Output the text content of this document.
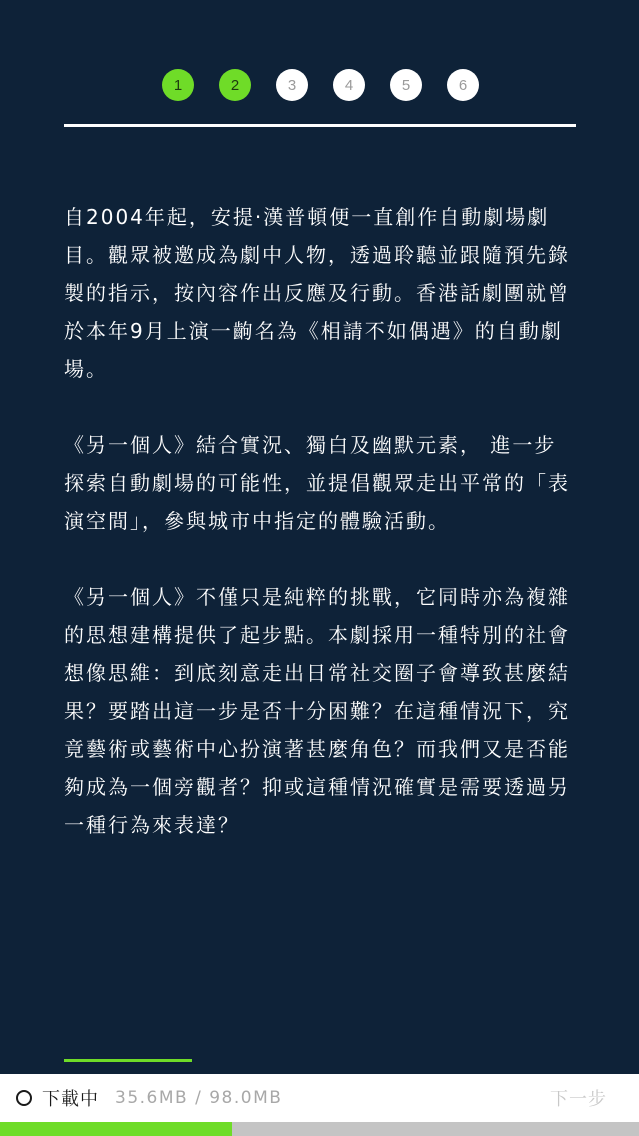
1	2	3	4	5	6

自2004年起，安提·漢普頓便一直創作自動劇場劇目。觀眾被邀成為劇中人物，透過聆聽並跟隨預先錄製的指示，按內容作出反應及行動。香港話劇團就曾於本年9月上演一齣名為《相請不如偶遇》的自動劇場。

《另一個人》結合實況、獨白及幽默元素， 進一步探索自動劇場的可能性，並提倡觀眾走出平常的「表演空間」，參與城市中指定的體驗活動。

《另一個人》不僅只是純粹的挑戰，它同時亦為複雜的思想建構提供了起步點。本劇採用一種特別的社會想像思維：到底刻意走出日常社交圈子會導致甚麼結果？要踏出這一步是否十分困難？在這種情況下，究竟藝術或藝術中心扮演著甚麼角色？而我們又是否能夠成為一個旁觀者？抑或這種情況確實是需要透過另一種行為來表達？

下載中 35.6MB / 98.0MB	下一步
